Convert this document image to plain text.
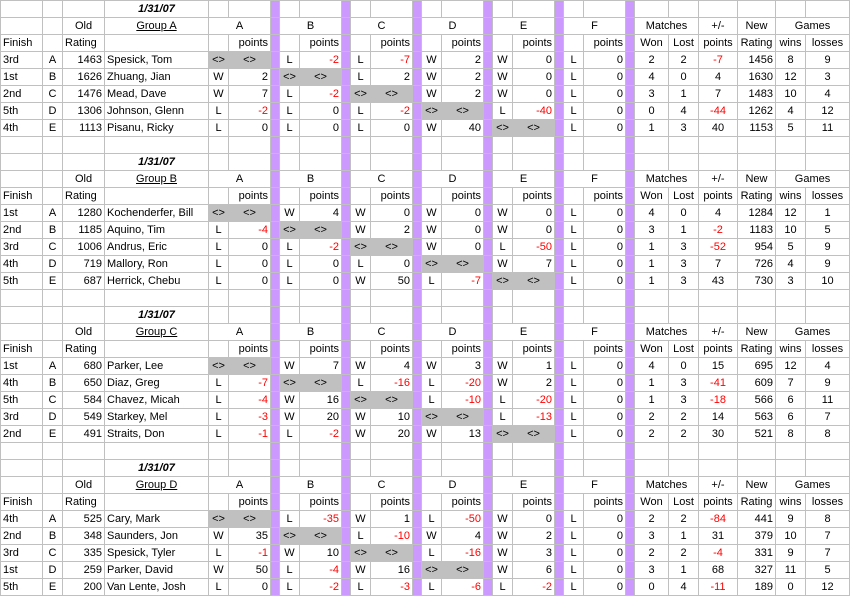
			1/31/07																								
		Old	Group A	A			B			C			D			E			F			Matches		+/-	New	Games	
Finish		Rating			points			points			points			points			points			points		Won	Lost	points	Rating	wins	losses
3rd	A	1463	Spesick, Tom	<>	<>		L	-2		L	-7		W	2		W	0		L	0		2	2	-7	1456	8	9
1st	B	1626	Zhuang, Jian	W	2		<>	<>		L	2		W	2		W	0		L	0		4	0	4	1630	12	3
2nd	C	1476	Mead, Dave	W	7		L	-2		<>	<>		W	2		W	0		L	0		3	1	7	1483	10	4
5th	D	1306	Johnson, Glenn	L	-2		L	0		L	-2		<>	<>		L	-40		L	0		0	4	-44	1262	4	12
4th	E	1113	Pisanu, Ricky	L	0		L	0		L	0		W	40		<>	<>		L	0		1	3	40	1153	5	11

			1/31/07																								
		Old	Group B	A			B			C			D			E			F			Matches		+/-	New	Games	
Finish		Rating			points			points			points			points			points			points		Won	Lost	points	Rating	wins	losses
1st	A	1280	Kochenderfer, Bill	<>	<>		W	4		W	0		W	0		W	0		L	0		4	0	4	1284	12	1
2nd	B	1185	Aquino, Tim	L	-4		<>	<>		W	2		W	0		W	0		L	0		3	1	-2	1183	10	5
3rd	C	1006	Andrus, Eric	L	0		L	-2		<>	<>		W	0		L	-50		L	0		1	3	-52	954	5	9
4th	D	719	Mallory, Ron	L	0		L	0		L	0		<>	<>		W	7		L	0		1	3	7	726	4	9
5th	E	687	Herrick, Chebu	L	0		L	0		W	50		L	-7		<>	<>		L	0		1	3	43	730	3	10

			1/31/07																								
		Old	Group C	A			B			C			D			E			F			Matches		+/-	New	Games	
Finish		Rating			points			points			points			points			points			points		Won	Lost	points	Rating	wins	losses
1st	A	680	Parker, Lee	<>	<>		W	7		W	4		W	3		W	1		L	0		4	0	15	695	12	4
4th	B	650	Diaz, Greg	L	-7		<>	<>		L	-16		L	-20		W	2		L	0		1	3	-41	609	7	9
5th	C	584	Chavez, Micah	L	-4		W	16		<>	<>		L	-10		L	-20		L	0		1	3	-18	566	6	11
3rd	D	549	Starkey, Mel	L	-3		W	20		W	10		<>	<>		L	-13		L	0		2	2	14	563	6	7
2nd	E	491	Straits, Don	L	-1		L	-2		W	20		W	13		<>	<>		L	0		2	2	30	521	8	8

			1/31/07																								
		Old	Group D	A			B			C			D			E			F			Matches		+/-	New	Games	
Finish		Rating			points			points			points			points			points			points		Won	Lost	points	Rating	wins	losses
4th	A	525	Cary, Mark	<>	<>		L	-35		W	1		L	-50		W	0		L	0		2	2	-84	441	9	8
2nd	B	348	Saunders, Jon	W	35		<>	<>		L	-10		W	4		W	2		L	0		3	1	31	379	10	7
3rd	C	335	Spesick, Tyler	L	-1		W	10		<>	<>		L	-16		W	3		L	0		2	2	-4	331	9	7
1st	D	259	Parker, David	W	50		L	-4		W	16		<>	<>		W	6		L	0		3	1	68	327	11	5
5th	E	200	Van Lente, Josh	L	0		L	-2		L	-3		L	-6		L	-2		L	0		0	4	-11	189	0	12
